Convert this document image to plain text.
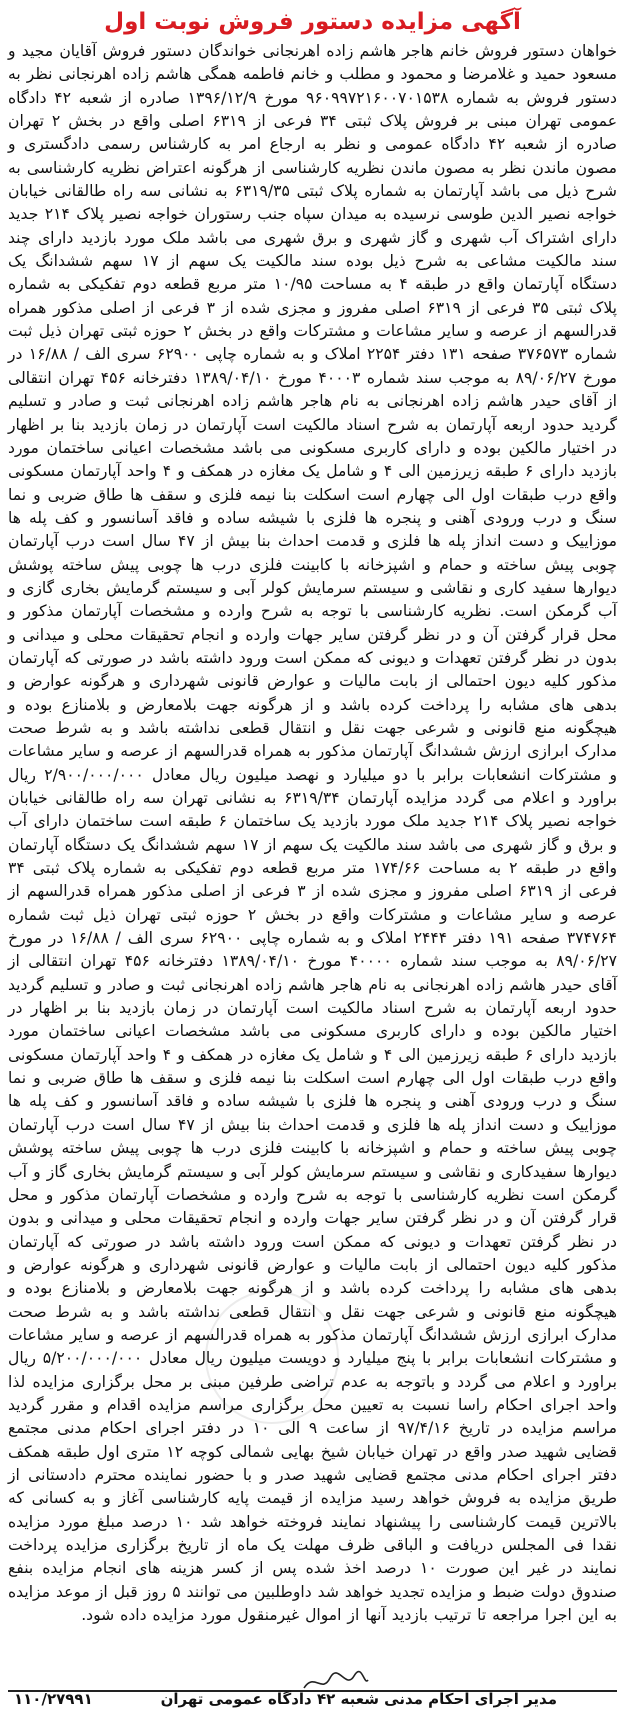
آگهی مزایده دستور فروش نوبت اول

خواهان دستور فروش خانم هاجر هاشم زاده اهرنجانی خواندگان دستور فروش آقایان مجید و مسعود حمید و غلامرضا و محمود و مطلب و خانم فاطمه همگی هاشم زاده اهرنجانی نظر به دستور فروش به شماره ۹۶۰۹۹۷۲۱۶۰۰۷۰۱۵۳۸ مورخ ۱۳۹۶/۱۲/۹ صادره از شعبه ۴۲ دادگاه عمومی تهران مبنی بر فروش پلاک ثبتی ۳۴ فرعی از ۶۳۱۹ اصلی واقع در بخش ۲ تهران صادره از شعبه ۴۲ دادگاه عمومی و نظر به ارجاع امر به کارشناس رسمی دادگستری و مصون ماندن نظر به مصون ماندن نظریه کارشناسی از هرگونه اعتراض نظریه کارشناسی به شرح ذیل می باشد آپارتمان به شماره پلاک ثبتی ۶۳۱۹/۳۵ به نشانی سه راه طالقانی خیابان خواجه نصیر الدین طوسی نرسیده به میدان سپاه جنب رستوران خواجه نصیر پلاک ۲۱۴ جدید دارای اشتراک آب شهری و گاز شهری و برق شهری می باشد ملک مورد بازدید دارای چند سند مالکیت مشاعی به شرح ذیل بوده سند مالکیت یک سهم از ۱۷ سهم ششدانگ یک دستگاه آپارتمان واقع در طبقه ۴ به مساحت ۱۰/۹۵ متر مربع قطعه دوم تفکیکی به شماره پلاک ثبتی ۳۵ فرعی از ۶۳۱۹ اصلی مفروز و مجزی شده از ۳ فرعی از اصلی مذکور همراه قدرالسهم از عرصه و سایر مشاعات و مشترکات واقع در بخش ۲ حوزه ثبتی تهران ذیل ثبت شماره ۳۷۶۵۷۳ صفحه ۱۳۱ دفتر ۲۲۵۴ املاک و به شماره چاپی ۶۲۹۰۰ سری الف / ۱۶/۸۸ در مورخ ۸۹/۰۶/۲۷ به موجب سند شماره ۴۰۰۰۳ مورخ ۱۳۸۹/۰۴/۱۰ دفترخانه ۴۵۶ تهران انتقالی از آقای حیدر هاشم زاده اهرنجانی به نام هاجر هاشم زاده اهرنجانی ثبت و صادر و تسلیم گردید حدود اربعه آپارتمان به شرح اسناد مالکیت است آپارتمان در زمان بازدید بنا بر اظهار در اختیار مالکین بوده و دارای کاربری مسکونی می باشد مشخصات اعیانی ساختمان مورد بازدید دارای ۶ طبقه زیرزمین الی ۴ و شامل یک مغازه در همکف و ۴ واحد آپارتمان مسکونی واقع درب طبقات اول الی چهارم است اسکلت بنا نیمه فلزی و سقف ها طاق ضربی و نما سنگ و درب ورودی آهنی و پنجره ها فلزی با شیشه ساده و فاقد آسانسور و کف پله ها موزاییک و دست انداز پله ها فلزی و قدمت احداث بنا بیش از ۴۷ سال است درب آپارتمان چوبی پیش ساخته و حمام و اشپزخانه با کابینت فلزی درب ها چوبی پیش ساخته پوشش دیوارها سفید کاری و نقاشی و سیستم سرمایش کولر آبی و سیستم گرمایش بخاری گازی و آب گرمکن است. نظریه کارشناسی با توجه به شرح وارده و مشخصات آپارتمان مذکور و محل قرار گرفتن آن و در نظر گرفتن سایر جهات وارده و انجام تحقیقات محلی و میدانی و بدون در نظر گرفتن تعهدات و دیونی که ممکن است ورود داشته باشد در صورتی که آپارتمان مذکور کلیه دیون احتمالی از بابت مالیات و عوارض قانونی شهرداری و هرگونه عوارض و بدهی های مشابه را پرداخت کرده باشد و از هرگونه جهت بلامعارض و بلامنازع بوده و هیچگونه منع قانونی و شرعی جهت نقل و انتقال قطعی نداشته باشد و به شرط صحت مدارک ابرازی ارزش ششدانگ آپارتمان مذکور به همراه قدرالسهم از عرصه و سایر مشاعات و مشترکات انشعابات برابر با دو میلیارد و نهصد میلیون ریال معادل ۲/۹۰۰/۰۰۰/۰۰۰ ریال براورد و اعلام می گردد مزایده آپارتمان ۶۳۱۹/۳۴ به نشانی تهران سه راه طالقانی خیابان خواجه نصیر پلاک ۲۱۴ جدید ملک مورد بازدید یک ساختمان ۶ طبقه است ساختمان دارای آب و برق و گاز شهری می باشد سند مالکیت یک سهم از ۱۷ سهم ششدانگ یک دستگاه آپارتمان واقع در طبقه ۲ به مساحت ۱۷۴/۶۶ متر مربع قطعه دوم تفکیکی به شماره پلاک ثبتی ۳۴ فرعی از ۶۳۱۹ اصلی مفروز و مجزی شده از ۳ فرعی از اصلی مذکور همراه قدرالسهم از عرصه و سایر مشاعات و مشترکات واقع در بخش ۲ حوزه ثبتی تهران ذیل ثبت شماره ۳۷۴۷۶۴ صفحه ۱۹۱ دفتر ۲۴۴۴ املاک و به شماره چاپی ۶۲۹۰۰ سری الف / ۱۶/۸۸ در مورخ ۸۹/۰۶/۲۷ به موجب سند شماره ۴۰۰۰۰ مورخ ۱۳۸۹/۰۴/۱۰ دفترخانه ۴۵۶ تهران انتقالی از آقای حیدر هاشم زاده اهرنجانی به نام هاجر هاشم زاده اهرنجانی ثبت و صادر و تسلیم گردید حدود اربعه آپارتمان به شرح اسناد مالکیت است آپارتمان در زمان بازدید بنا بر اظهار در اختیار مالکین بوده و دارای کاربری مسکونی می باشد مشخصات اعیانی ساختمان مورد بازدید دارای ۶ طبقه زیرزمین الی ۴ و شامل یک مغازه در همکف و ۴ واحد آپارتمان مسکونی واقع درب طبقات اول الی چهارم است اسکلت بنا نیمه فلزی و سقف ها طاق ضربی و نما سنگ و درب ورودی آهنی و پنجره ها فلزی با شیشه ساده و فاقد آسانسور و کف پله ها موزاییک و دست انداز پله ها فلزی و قدمت احداث بنا بیش از ۴۷ سال است درب آپارتمان چوبی پیش ساخته و حمام و اشپزخانه با کابینت فلزی درب ها چوبی پیش ساخته پوشش دیوارها سفیدکاری و نقاشی و سیستم سرمایش کولر آبی و سیستم گرمایش بخاری گاز و آب گرمکن است نظریه کارشناسی با توجه به شرح وارده و مشخصات آپارتمان مذکور و محل قرار گرفتن آن و در نظر گرفتن سایر جهات وارده و انجام تحقیقات محلی و میدانی و بدون در نظر گرفتن تعهدات و دیونی که ممکن است ورود داشته باشد در صورتی که آپارتمان مذکور کلیه دیون احتمالی از بابت مالیات و عوارض قانونی شهرداری و هرگونه عوارض و بدهی های مشابه را پرداخت کرده باشد و از هرگونه جهت بلامعارض و بلامنازع بوده و هیچگونه منع قانونی و شرعی جهت نقل و انتقال قطعی نداشته باشد و به شرط صحت مدارک ابرازی ارزش ششدانگ آپارتمان مذکور به همراه قدرالسهم از عرصه و سایر مشاعات و مشترکات انشعابات برابر با پنج میلیارد و دویست میلیون ریال معادل ۵/۲۰۰/۰۰۰/۰۰۰ ریال براورد و اعلام می گردد و باتوجه به عدم تراضی طرفین مبنی بر محل برگزاری مزایده لذا واحد اجرای احکام راسا نسبت به تعیین محل برگزاری مراسم مزایده اقدام و مقرر گردید مراسم مزایده در تاریخ ۹۷/۴/۱۶ از ساعت ۹ الی ۱۰ در دفتر اجرای احکام مدنی مجتمع قضایی شهید صدر واقع در تهران خیابان شیخ بهایی شمالی کوچه ۱۲ متری اول طبقه همکف دفتر اجرای احکام مدنی مجتمع قضایی شهید صدر و با حضور نماینده محترم دادستانی از طریق مزایده به فروش خواهد رسید مزایده از قیمت پایه کارشناسی آغاز و به کسانی که بالاترین قیمت کارشناسی را پیشنهاد نمایند فروخته خواهد شد ۱۰ درصد مبلغ مورد مزایده نقدا فی المجلس دریافت و الباقی ظرف مهلت یک ماه از تاریخ برگزاری مزایده پرداخت نمایند در غیر این صورت ۱۰ درصد اخذ شده پس از کسر هزینه های انجام مزایده بنفع صندوق دولت ضبط و مزایده تجدید خواهد شد داوطلبین می توانند ۵ روز قبل از موعد مزایده به این اجرا مراجعه تا ترتیب بازدید آنها از اموال غیرمنقول مورد مزایده داده شود.

مدیر اجرای احکام مدنی شعبه ۴۲ دادگاه عمومی تهران
۱۱۰/۲۷۹۹۱
